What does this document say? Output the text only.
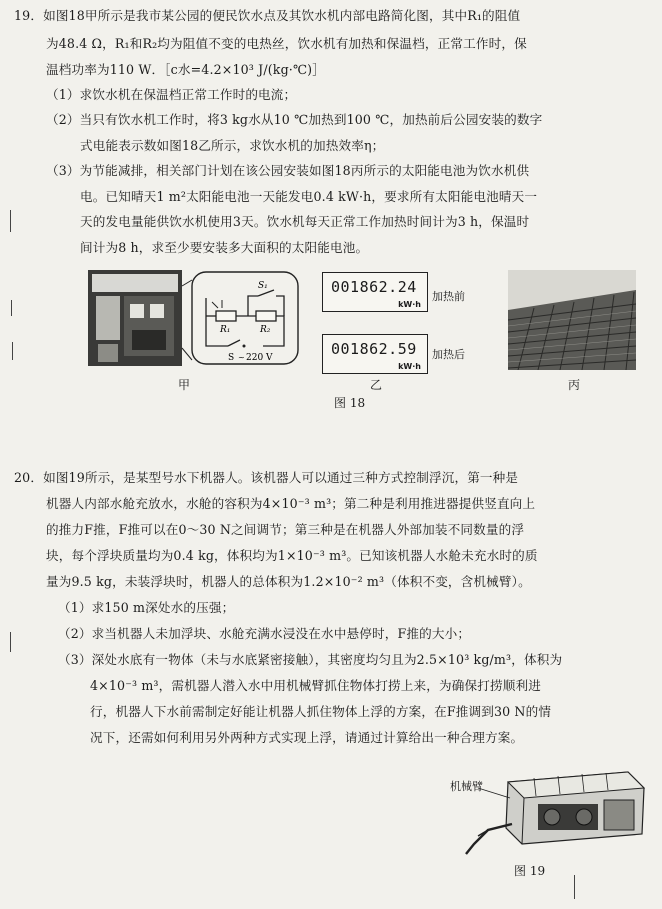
19．如图18甲所示是我市某公园的便民饮水点及其饮水机内部电路简化图，其中R₁的阻值
为48.4 Ω，R₁和R₂均为阻值不变的电热丝，饮水机有加热和保温档，正常工作时，保
温档功率为110 W．［c水=4.2×10³ J/(kg·℃)］
（1）求饮水机在保温档正常工作时的电流；
（2）当只有饮水机工作时，将3 kg水从10 ℃加热到100 ℃，加热前后公园安装的数字
式电能表示数如图18乙所示，求饮水机的加热效率η；
（3）为节能减排，相关部门计划在该公园安装如图18丙所示的太阳能电池为饮水机供
电。已知晴天1 m²太阳能电池一天能发电0.4 kW·h，要求所有太阳能电池晴天一
天的发电量能供饮水机使用3天。饮水机每天正常工作加热时间计为3 h，保温时
间计为8 h，求至少要安装多大面积的太阳能电池。
S ~ 220 V
S₁
R₁	R₂
甲
001862.24
kW·h
加热前
001862.59
kW·h
加热后
乙
图 18
丙
20．如图19所示，是某型号水下机器人。该机器人可以通过三种方式控制浮沉，第一种是
机器人内部水舱充放水，水舱的容积为4×10⁻³ m³；第二种是利用推进器提供竖直向上
的推力F推，F推可以在0～30 N之间调节；第三种是在机器人外部加装不同数量的浮
块，每个浮块质量均为0.4 kg，体积均为1×10⁻³ m³。已知该机器人水舱未充水时的质
量为9.5 kg，未装浮块时，机器人的总体积为1.2×10⁻² m³（体积不变，含机械臂）。
（1）求150 m深处水的压强；
（2）求当机器人未加浮块、水舱充满水浸没在水中悬停时，F推的大小；
（3）深处水底有一物体（未与水底紧密接触），其密度均匀且为2.5×10³ kg/m³，体积为
4×10⁻³ m³，需机器人潜入水中用机械臂抓住物体打捞上来，为确保打捞顺利进
行，机器人下水前需制定好能让机器人抓住物体上浮的方案，在F推调到30 N的情
况下，还需如何利用另外两种方式实现上浮，请通过计算给出一种合理方案。
机械臂
图 19
